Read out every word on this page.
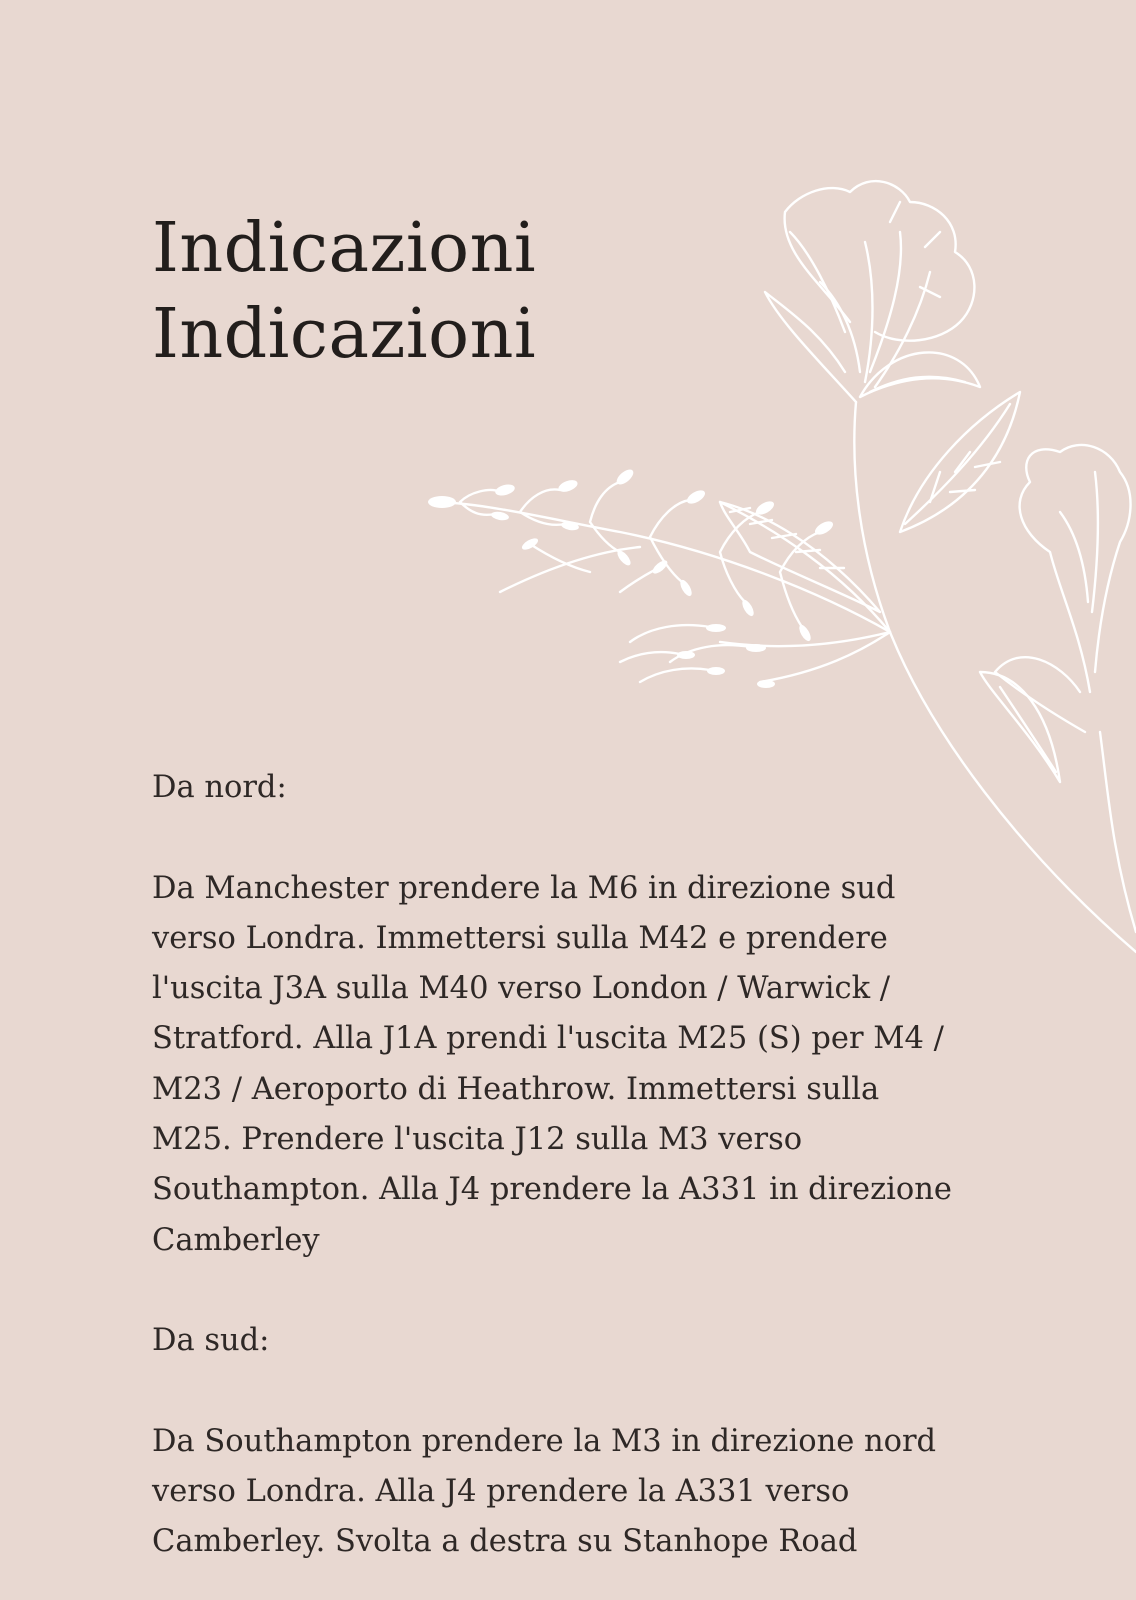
Indicazioni
Indicazioni

Da nord:

Da Manchester prendere la M6 in direzione sud verso Londra. Immettersi sulla M42 e prendere l'uscita J3A sulla M40 verso London / Warwick / Stratford. Alla J1A prendi l'uscita M25 (S) per M4 / M23 / Aeroporto di Heathrow. Immettersi sulla M25. Prendere l'uscita J12 sulla M3 verso Southampton. Alla J4 prendere la A331 in direzione Camberley

Da sud:

Da Southampton prendere la M3 in direzione nord verso Londra. Alla J4 prendere la A331 verso Camberley. Svolta a destra su Stanhope Road
